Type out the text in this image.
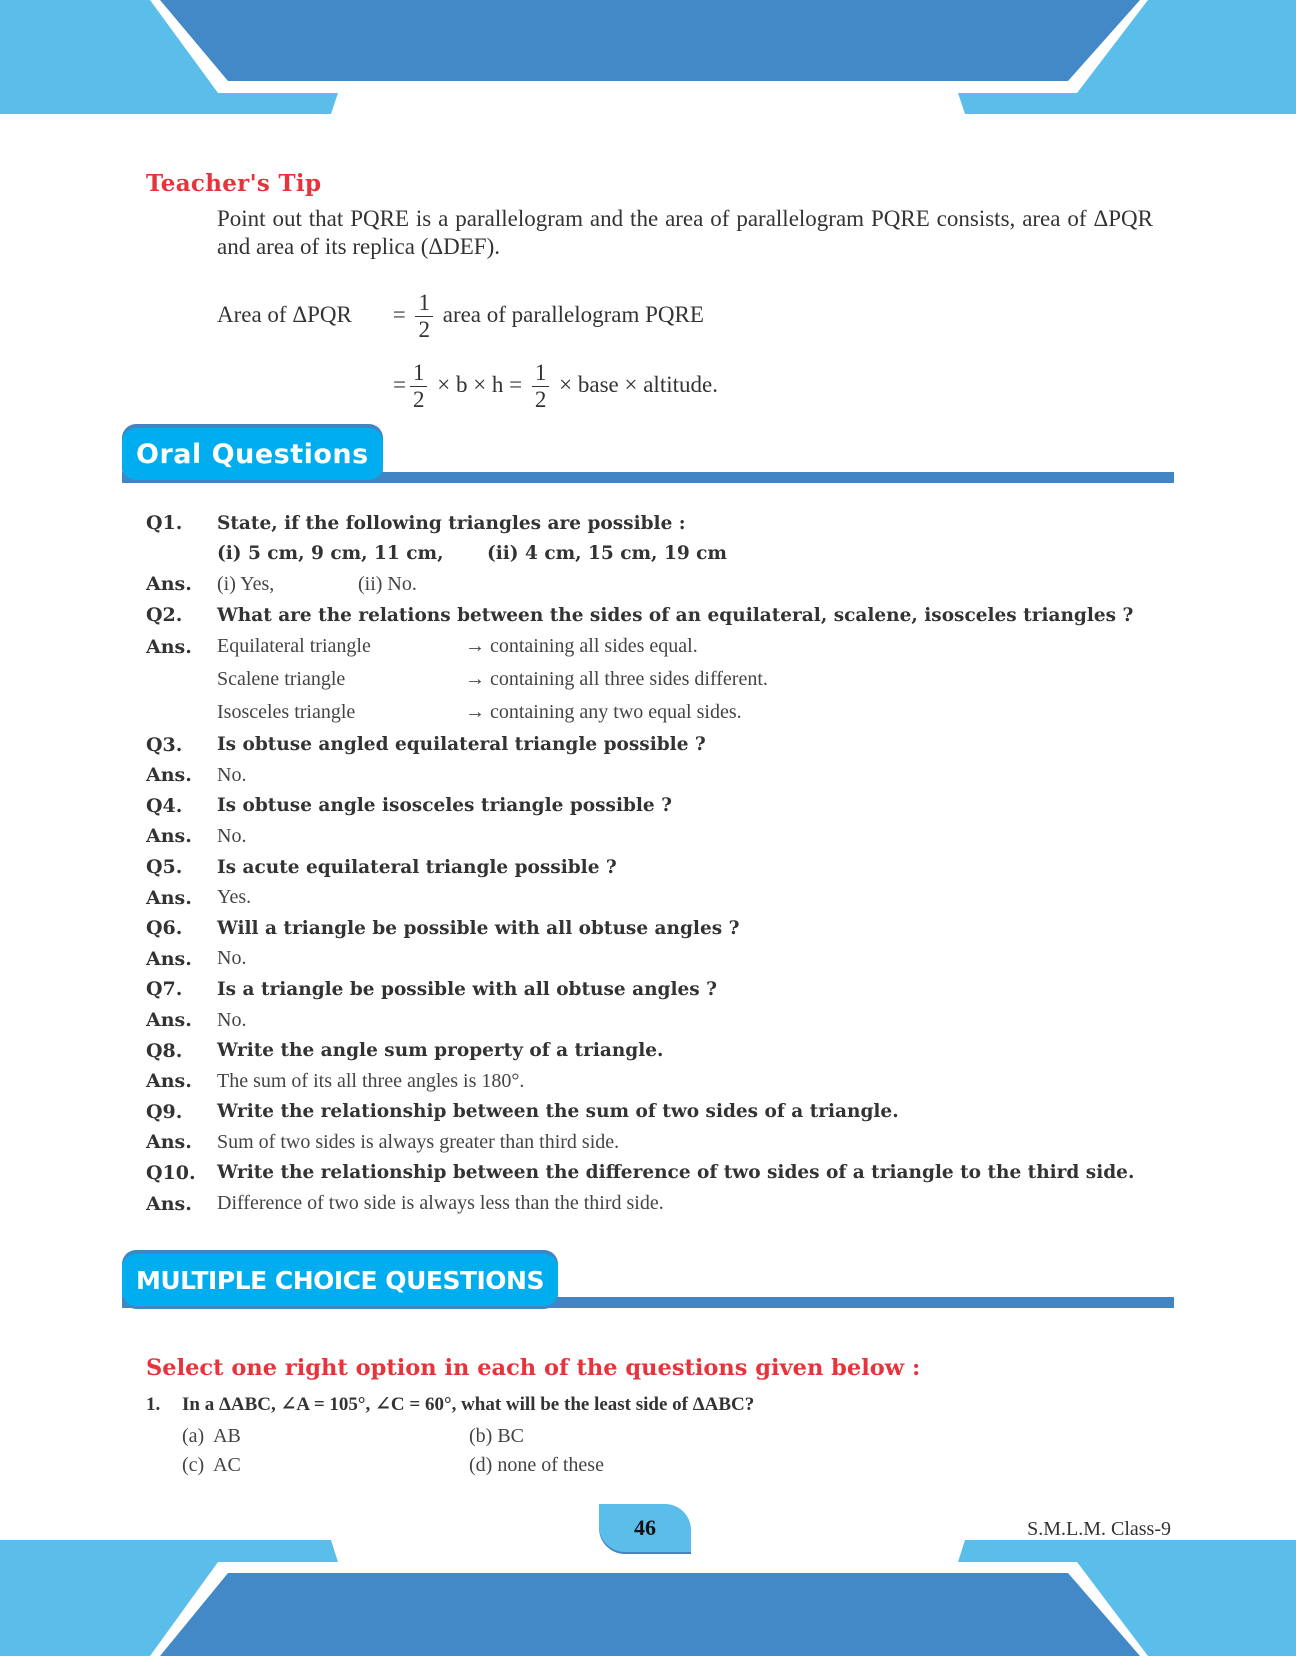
Teacher's Tip
Point out that PQRE is a parallelogram and the area of parallelogram PQRE consists, area of ΔPQR and area of its replica (ΔDEF).
Area of $\Delta PQR = \frac{1}{2}$ area of parallelogram PQRE
= $\frac{1}{2} \times b \times h = \frac{1}{2}$ × base × altitude.
Oral Questions
Q1.	State, if the following triangles are possible :
(i) 5 cm, 9 cm, 11 cm,	(ii) 4 cm, 15 cm, 19 cm
Ans.	(i) Yes,	(ii) No.
Q2.	What are the relations between the sides of an equilateral, scalene, isosceles triangles ?
Ans.	Equilateral triangle	→ containing all sides equal.
Scalene triangle	→ containing all three sides different.
Isosceles triangle	→ containing any two equal sides.
Q3.	Is obtuse angled equilateral triangle possible ?
Ans.	No.
Q4.	Is obtuse angle isosceles triangle possible ?
Ans.	No.
Q5.	Is acute equilateral triangle possible ?
Ans.	Yes.
Q6.	Will a triangle be possible with all obtuse angles ?
Ans.	No.
Q7.	Is a triangle be possible with all obtuse angles ?
Ans.	No.
Q8.	Write the angle sum property of a triangle.
Ans.	The sum of its all three angles is 180°.
Q9.	Write the relationship between the sum of two sides of a triangle.
Ans.	Sum of two sides is always greater than third side.
Q10.	Write the relationship between the difference of two sides of a triangle to the third side.
Ans.	Difference of two side is always less than the third side.
MULTIPLE CHOICE QUESTIONS
Select one right option in each of the questions given below :
1. In a ΔABC, ∠A = 105°, ∠C = 60°, what will be the least side of ΔABC?
(a)  AB	(b) BC
(c)  AC	(d) none of these
46	S.M.L.M. Class-9
